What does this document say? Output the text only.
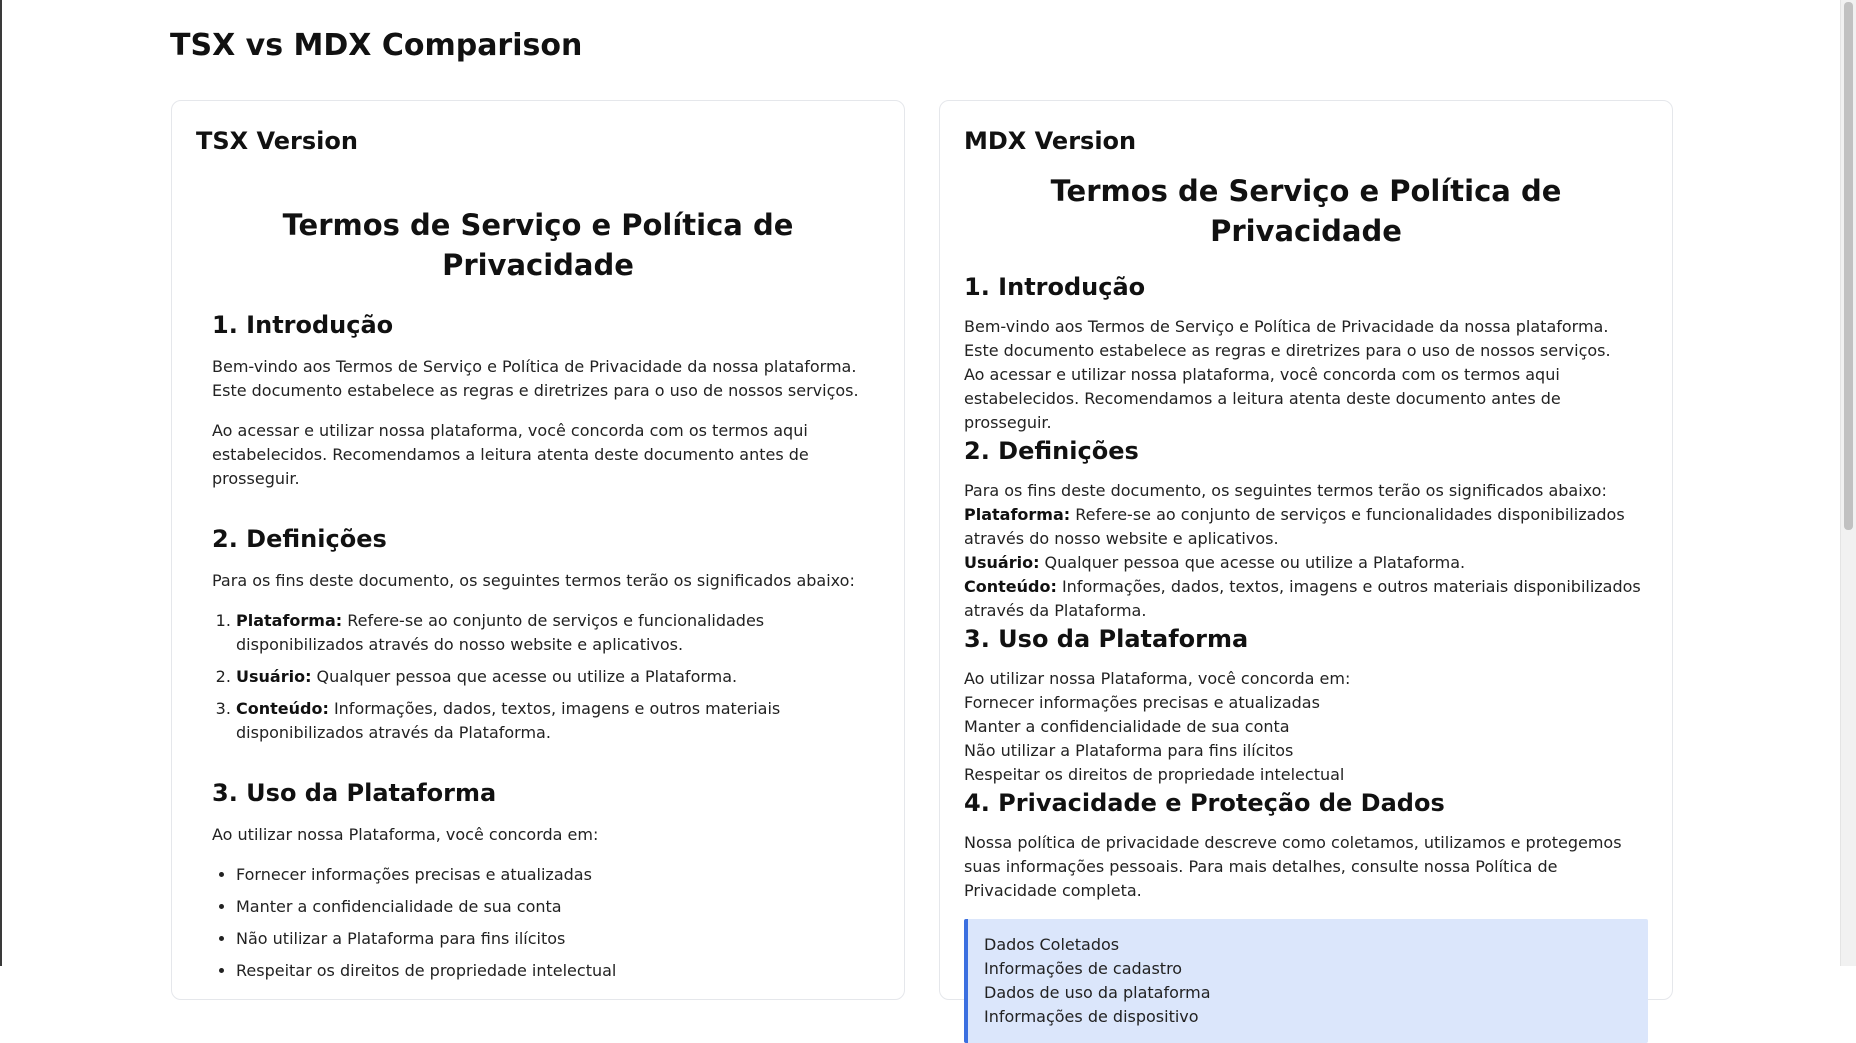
TSX vs MDX Comparison
TSX Version
Termos de Serviço e Política de Privacidade
1. Introdução

Bem-vindo aos Termos de Serviço e Política de Privacidade da nossa plataforma. Este documento estabelece as regras e diretrizes para o uso de nossos serviços.

Ao acessar e utilizar nossa plataforma, você concorda com os termos aqui estabelecidos. Recomendamos a leitura atenta deste documento antes de prosseguir.

2. Definições

Para os fins deste documento, os seguintes termos terão os significados abaixo:

1. Plataforma: Refere-se ao conjunto de serviços e funcionalidades disponibilizados através do nosso website e aplicativos.
2. Usuário: Qualquer pessoa que acesse ou utilize a Plataforma.
3. Conteúdo: Informações, dados, textos, imagens e outros materiais disponibilizados através da Plataforma.
3. Uso da Plataforma

Ao utilizar nossa Plataforma, você concorda em:

• Fornecer informações precisas e atualizadas
• Manter a confidencialidade de sua conta
• Não utilizar a Plataforma para fins ilícitos
• Respeitar os direitos de propriedade intelectual
MDX Version
Termos de Serviço e Política de Privacidade
1. Introdução

Bem-vindo aos Termos de Serviço e Política de Privacidade da nossa plataforma. Este documento estabelece as regras e diretrizes para o uso de nossos serviços.

Ao acessar e utilizar nossa plataforma, você concorda com os termos aqui estabelecidos. Recomendamos a leitura atenta deste documento antes de prosseguir.

2. Definições
Para os fins deste documento, os seguintes termos terão os significados abaixo:
Plataforma: Refere-se ao conjunto de serviços e funcionalidades disponibilizados através do nosso website e aplicativos.
Usuário: Qualquer pessoa que acesse ou utilize a Plataforma.
Conteúdo: Informações, dados, textos, imagens e outros materiais disponibilizados através da Plataforma.
3. Uso da Plataforma
Ao utilizar nossa Plataforma, você concorda em:
Fornecer informações precisas e atualizadas
Manter a confidencialidade de sua conta
Não utilizar a Plataforma para fins ilícitos
Respeitar os direitos de propriedade intelectual
4. Privacidade e Proteção de Dados

Nossa política de privacidade descreve como coletamos, utilizamos e protegemos suas informações pessoais. Para mais detalhes, consulte nossa Política de Privacidade completa.

Dados Coletados
Informações de cadastro
Dados de uso da plataforma
Informações de dispositivo
